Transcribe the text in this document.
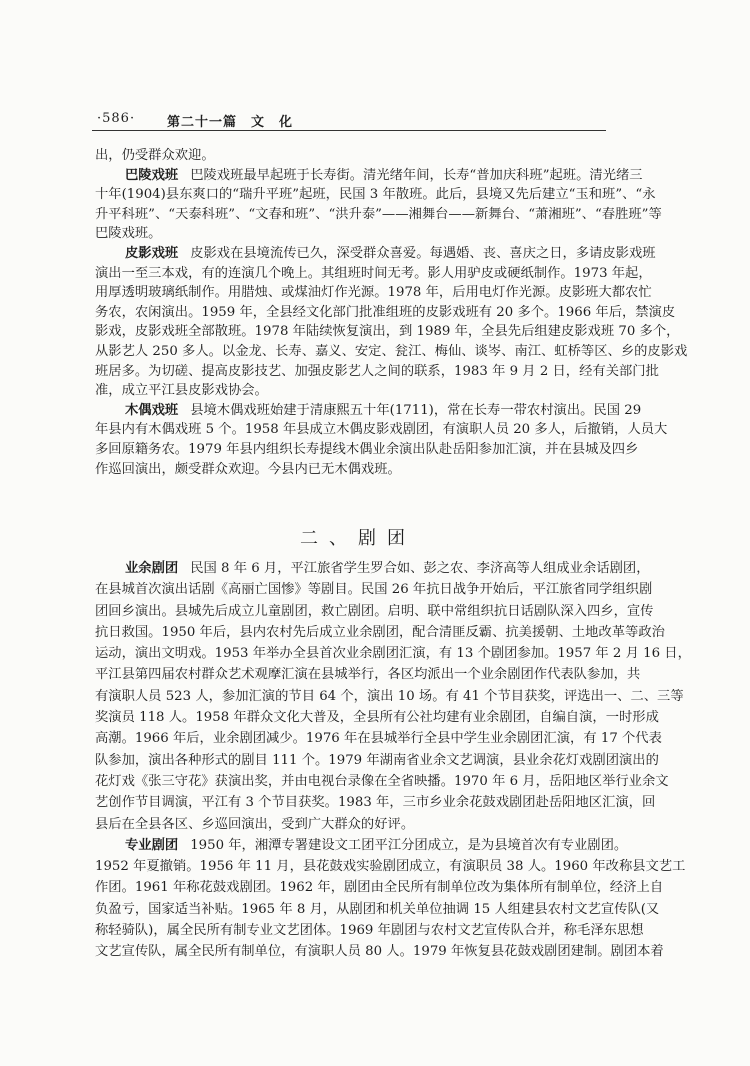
·586· 第二十一篇　文　化
出，仍受群众欢迎。
巴陵戏班 巴陵戏班最早起班于长寿街。清光绪年间，长寿“普加庆科班”起班。清光绪三
十年(1904)县东爽口的“瑞升平班”起班，民国 3 年散班。此后，县境又先后建立“玉和班”、“永
升平科班”、“天泰科班”、“文春和班”、“洪升泰”——湘舞台——新舞台、“萧湘班”、“春胜班”等
巴陵戏班。
皮影戏班 皮影戏在县境流传已久，深受群众喜爱。每遇婚、丧、喜庆之日，多请皮影戏班
演出一至三本戏，有的连演几个晚上。其组班时间无考。影人用驴皮或硬纸制作。1973 年起，
用厚透明玻璃纸制作。用腊烛、或煤油灯作光源。1978 年，后用电灯作光源。皮影班大都农忙
务农，农闲演出。1959 年，全县经文化部门批准组班的皮影戏班有 20 多个。1966 年后，禁演皮
影戏，皮影戏班全部散班。1978 年陆续恢复演出，到 1989 年，全县先后组建皮影戏班 70 多个，
从影艺人 250 多人。以金龙、长寿、嘉义、安定、瓮江、梅仙、谈岑、南江、虹桥等区、乡的皮影戏
班居多。为切磋、提高皮影技艺、加强皮影艺人之间的联系，1983 年 9 月 2 日，经有关部门批
准，成立平江县皮影戏协会。
木偶戏班 县境木偶戏班始建于清康熙五十年(1711)，常在长寿一带农村演出。民国 29
年县内有木偶戏班 5 个。1958 年县成立木偶皮影戏剧团，有演职人员 20 多人，后撤销，人员大
多回原籍务农。1979 年县内组织长寿提线木偶业余演出队赴岳阳参加汇演，并在县城及四乡
作巡回演出，颇受群众欢迎。今县内已无木偶戏班。
二、剧团
业余剧团 民国 8 年 6 月，平江旅省学生罗合如、彭之农、李济高等人组成业余话剧团，
在县城首次演出话剧《高丽亡国惨》等剧目。民国 26 年抗日战争开始后，平江旅省同学组织剧
团回乡演出。县城先后成立儿童剧团，救亡剧团。启明、联中常组织抗日话剧队深入四乡，宣传
抗日救国。1950 年后，县内农村先后成立业余剧团，配合清匪反霸、抗美援朝、土地改革等政治
运动，演出文明戏。1953 年举办全县首次业余剧团汇演，有 13 个剧团参加。1957 年 2 月 16 日，
平江县第四届农村群众艺术观摩汇演在县城举行，各区均派出一个业余剧团作代表队参加，共
有演职人员 523 人，参加汇演的节目 64 个，演出 10 场。有 41 个节目获奖，评选出一、二、三等
奖演员 118 人。1958 年群众文化大普及，全县所有公社均建有业余剧团，自编自演，一时形成
高潮。1966 年后，业余剧团减少。1976 年在县城举行全县中学生业余剧团汇演，有 17 个代表
队参加，演出各种形式的剧目 111 个。1979 年湖南省业余文艺调演，县业余花灯戏剧团演出的
花灯戏《张三守花》获演出奖，并由电视台录像在全省映播。1970 年 6 月，岳阳地区举行业余文
艺创作节目调演，平江有 3 个节目获奖。1983 年，三市乡业余花鼓戏剧团赴岳阳地区汇演，回
县后在全县各区、乡巡回演出，受到广大群众的好评。
专业剧团 1950 年，湘潭专署建设文工团平江分团成立，是为县境首次有专业剧团。
1952 年夏撤销。1956 年 11 月，县花鼓戏实验剧团成立，有演职员 38 人。1960 年改称县文艺工
作团。1961 年称花鼓戏剧团。1962 年，剧团由全民所有制单位改为集体所有制单位，经济上自
负盈亏，国家适当补贴。1965 年 8 月，从剧团和机关单位抽调 15 人组建县农村文艺宣传队(又
称轻骑队)，属全民所有制专业文艺团体。1969 年剧团与农村文艺宣传队合并，称毛泽东思想
文艺宣传队，属全民所有制单位，有演职人员 80 人。1979 年恢复县花鼓戏剧团建制。剧团本着
